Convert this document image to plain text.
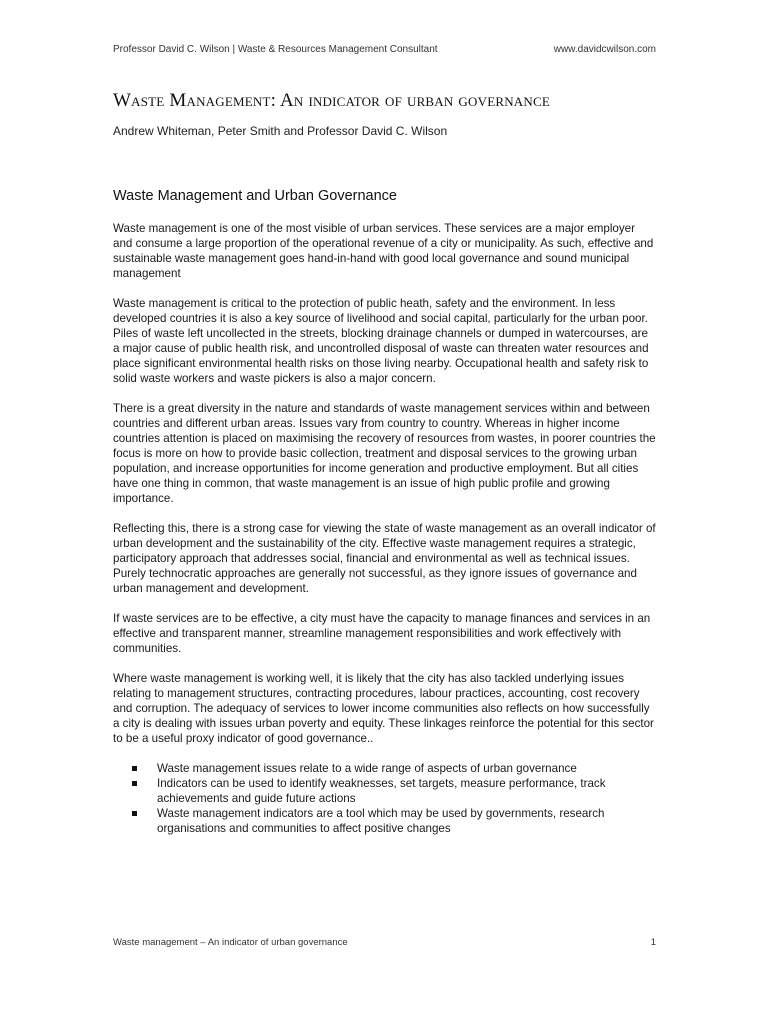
Professor David C. Wilson | Waste & Resources Management Consultant	www.davidcwilson.com
Waste Management: An indicator of urban governance
Andrew Whiteman, Peter Smith and Professor David C. Wilson
Waste Management and Urban Governance

Waste management is one of the most visible of urban services. These services are a major employer and consume a large proportion of the operational revenue of a city or municipality. As such, effective and sustainable waste management goes hand-in-hand with good local governance and sound municipal management

Waste management is critical to the protection of public heath, safety and the environment. In less developed countries it is also a key source of livelihood and social capital, particularly for the urban poor. Piles of waste left uncollected in the streets, blocking drainage channels or dumped in watercourses, are a major cause of public health risk, and uncontrolled disposal of waste can threaten water resources and place significant environmental health risks on those living nearby. Occupational health and safety risk to solid waste workers and waste pickers is also a major concern.

There is a great diversity in the nature and standards of waste management services within and between countries and different urban areas. Issues vary from country to country. Whereas in higher income countries attention is placed on maximising the recovery of resources from wastes, in poorer countries the focus is more on how to provide basic collection, treatment and disposal services to the growing urban population, and increase opportunities for income generation and productive employment. But all cities have one thing in common, that waste management is an issue of high public profile and growing importance.

Reflecting this, there is a strong case for viewing the state of waste management as an overall indicator of urban development and the sustainability of the city. Effective waste management requires a strategic, participatory approach that addresses social, financial and environmental as well as technical issues. Purely technocratic approaches are generally not successful, as they ignore issues of governance and urban management and development.

If waste services are to be effective, a city must have the capacity to manage finances and services in an effective and transparent manner, streamline management responsibilities and work effectively with communities.

Where waste management is working well, it is likely that the city has also tackled underlying issues relating to management structures, contracting procedures, labour practices, accounting, cost recovery and corruption. The adequacy of services to lower income communities also reflects on how successfully a city is dealing with issues urban poverty and equity. These linkages reinforce the potential for this sector to be a useful proxy indicator of good governance..

Waste management issues relate to a wide range of aspects of urban governance
Indicators can be used to identify weaknesses, set targets, measure performance, track achievements and guide future actions
Waste management indicators are a tool which may be used by governments, research organisations and communities to affect positive changes
Waste management – An indicator of urban governance	1
